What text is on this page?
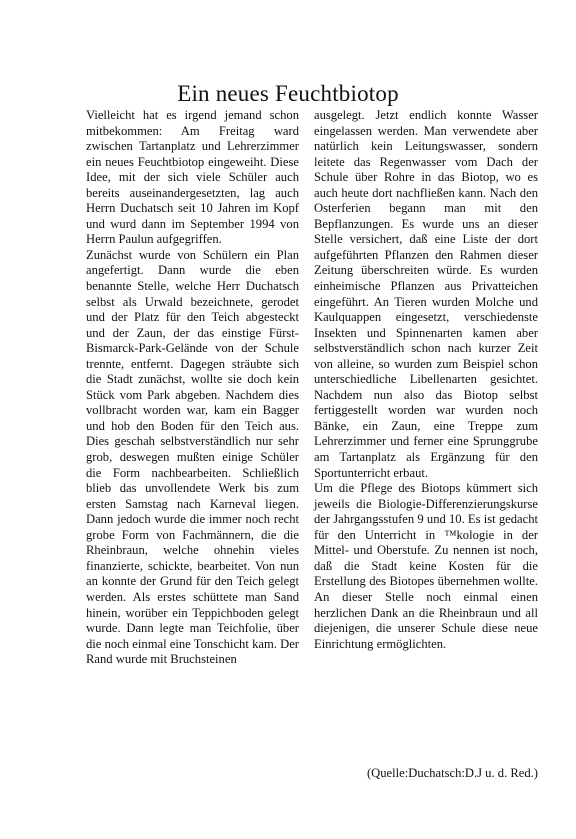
Ein neues Feuchtbiotop

Vielleicht hat es irgend jemand schon mitbekommen: Am Freitag ward zwischen Tartanplatz und Lehrerzimmer ein neues Feuchtbiotop eingeweiht. Diese Idee, mit der sich viele Schüler auch bereits auseinandergesetzten, lag auch Herrn Duchatsch seit 10 Jahren im Kopf und wurd dann im September 1994 von Herrn Paulun aufgegriffen.

Zunächst wurde von Schülern ein Plan angefertigt. Dann wurde die eben benannte Stelle, welche Herr Duchatsch selbst als Urwald bezeichnete, gerodet und der Platz für den Teich abgesteckt und der Zaun, der das einstige Fürst-Bismarck-Park-Gelände von der Schule trennte, entfernt. Dagegen sträubte sich die Stadt zunächst, wollte sie doch kein Stück vom Park abgeben. Nachdem dies vollbracht worden war, kam ein Bagger und hob den Boden für den Teich aus. Dies geschah selbstverständlich nur sehr grob, deswegen mußten einige Schüler die Form nachbearbeiten. Schließlich blieb das unvollendete Werk bis zum ersten Samstag nach Karneval liegen. Dann jedoch wurde die immer noch recht grobe Form von Fachmännern, die die Rheinbraun, welche ohnehin vieles finanzierte, schickte, bearbeitet. Von nun an konnte der Grund für den Teich gelegt werden. Als erstes schüttete man Sand hinein, worüber ein Teppichboden gelegt wurde. Dann legte man Teichfolie, über die noch einmal eine Tonschicht kam. Der Rand wurde mit Bruchsteinen

ausgelegt. Jetzt endlich konnte Wasser eingelassen werden. Man verwendete aber natürlich kein Leitungswasser, sondern leitete das Regenwasser vom Dach der Schule über Rohre in das Biotop, wo es auch heute dort nachfließen kann. Nach den Osterferien begann man mit den Bepflanzungen. Es wurde uns an dieser Stelle versichert, daß eine Liste der dort aufgeführten Pflanzen den Rahmen dieser Zeitung überschreiten würde. Es wurden einheimische Pflanzen aus Privatteichen eingeführt. An Tieren wurden Molche und Kaulquappen eingesetzt, verschiedenste Insekten und Spinnenarten kamen aber selbstverständlich schon nach kurzer Zeit von alleine, so wurden zum Beispiel schon unterschiedliche Libellenarten gesichtet. Nachdem nun also das Biotop selbst fertiggestellt worden war wurden noch Bänke, ein Zaun, eine Treppe zum Lehrerzimmer und ferner eine Sprunggrube am Tartanplatz als Ergänzung für den Sportunterricht erbaut.

Um die Pflege des Biotops kümmert sich jeweils die Biologie-Differenzierungskurse der Jahrgangsstufen 9 und 10. Es ist gedacht für den Unterricht in ™kologie in der Mittel- und Oberstufe. Zu nennen ist noch, daß die Stadt keine Kosten für die Erstellung des Biotopes übernehmen wollte. An dieser Stelle noch einmal einen herzlichen Dank an die Rheinbraun und all diejenigen, die unserer Schule diese neue Einrichtung ermöglichten.

(Quelle:Duchatsch:D.J u. d. Red.)
